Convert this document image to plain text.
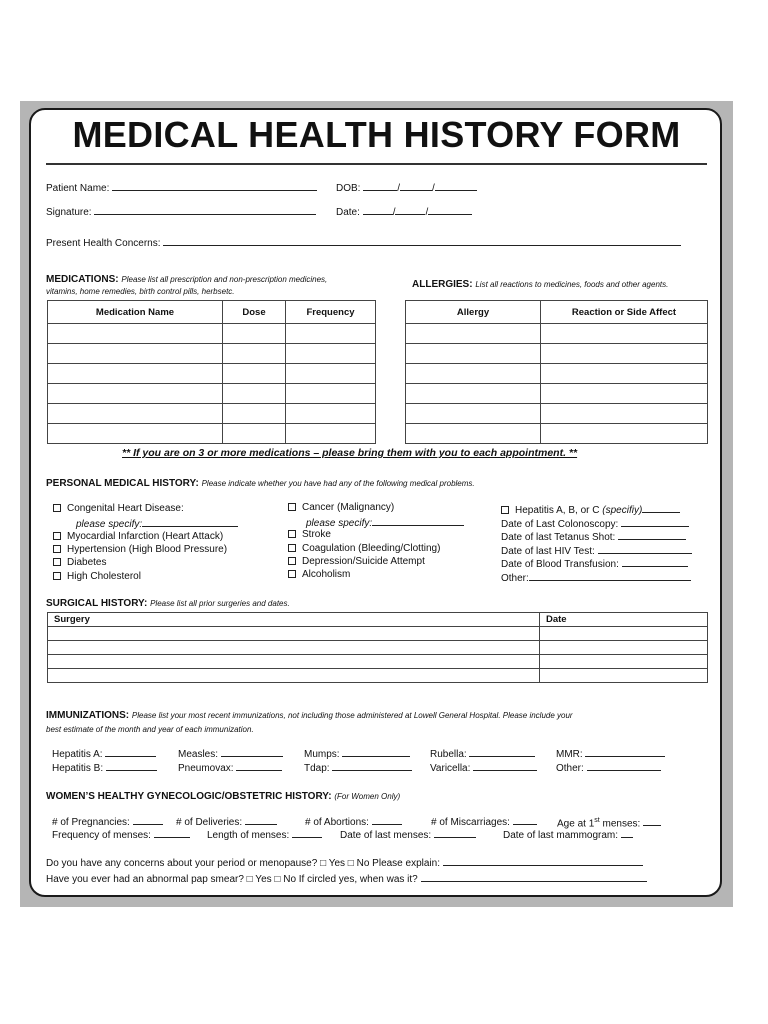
MEDICAL HEALTH HISTORY FORM
Patient Name:	DOB:	/	/
Signature:	Date:	/	/
Present Health Concerns:
MEDICATIONS: Please list all prescription and non-prescription medicines,
vitamins, home remedies, birth control pills, herbsetc.
ALLERGIES: List all reactions to medicines, foods and other agents.
Medication Name	Dose	Frequency

			Allergy	Reaction or Side Affect

** If you are on 3 or more medications – please bring them with you to each appointment. **
PERSONAL MEDICAL HISTORY: Please indicate whether you have had any of the following medical problems.
Congenital Heart Disease:
please specify:
Myocardial Infarction (Heart Attack)
Hypertension (High Blood Pressure)
Diabetes
High Cholesterol
Cancer (Malignancy)
please specify:
Stroke
Coagulation (Bleeding/Clotting)
Depression/Suicide Attempt
Alcoholism
Hepatitis A, B, or C (specifiy)
Date of Last Colonoscopy:
Date of last Tetanus Shot:
Date of last HIV Test:
Date of Blood Transfusion:
Other:
SURGICAL HISTORY: Please list all prior surgeries and dates.
Surgery	Date

IMMUNIZATIONS: Please list your most recent immunizations, not including those administered at Lowell General Hospital. Please include your
best estimate of the month and year of each immunization.
Hepatitis A:	Measles:	Mumps:	Rubella:	MMR:
Hepatitis B:	Pneumovax:	Tdap:	Varicella:	Other:
WOMEN’S HEALTHY GYNECOLOGIC/OBSTETRIC HISTORY: (For Women Only)
# of Pregnancies:	# of Deliveries:	# of Abortions:	# of Miscarriages:	Age at 1st menses:
Frequency of menses:	Length of menses:	Date of last menses:	Date of last mammogram:
Do you have any concerns about your period or menopause? □ Yes □ No Please explain:
Have you ever had an abnormal pap smear? □ Yes □ No If circled yes, when was it?
